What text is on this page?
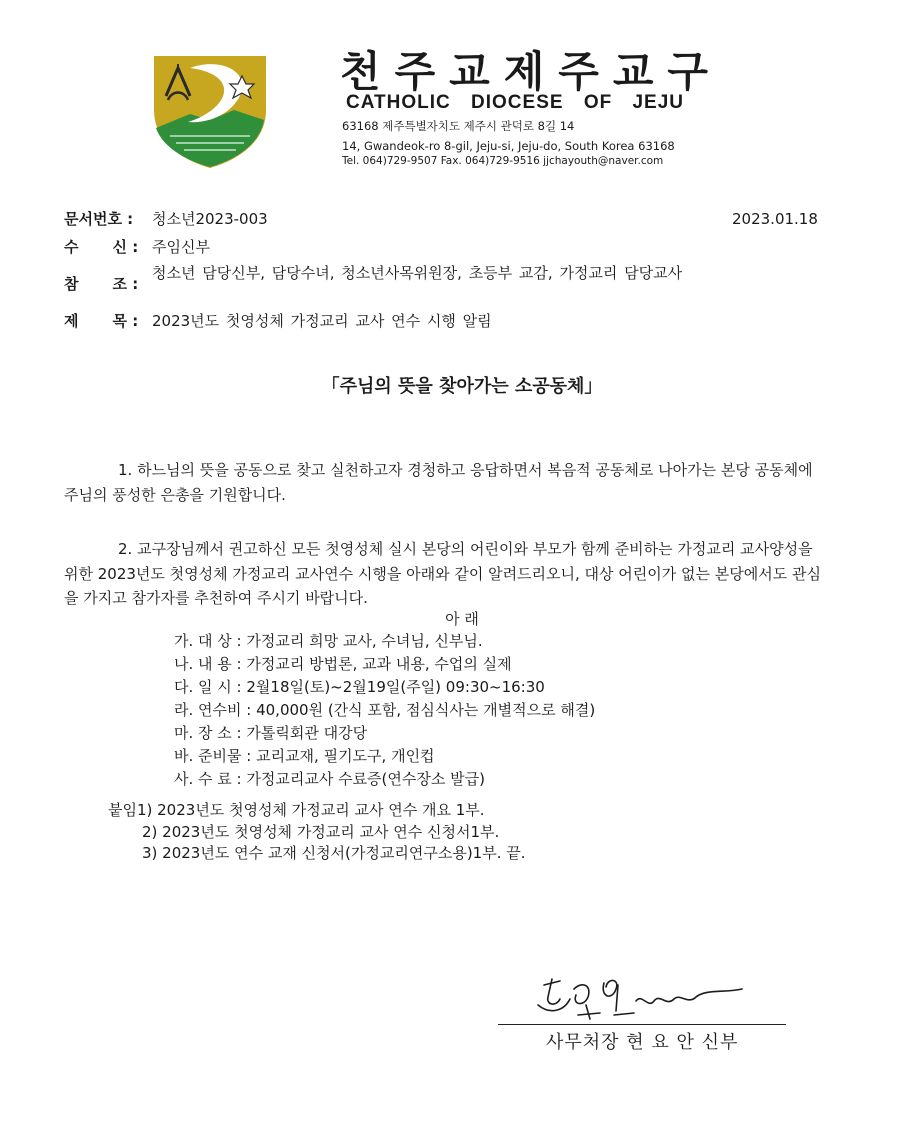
천주교제주교구
CATHOLIC DIOCESE OF JEJU
63168 제주특별자치도 제주시 관덕로 8길 14
14, Gwandeok-ro 8-gil, Jeju-si, Jeju-do, South Korea 63168
Tel. 064)729-9507 Fax. 064)729-9516 jjchayouth@naver.com
문서번호 :	청소년2023-003	2023.01.18
수 신 : 주임신부
참 조 :
청소년 담당신부, 담당수녀, 청소년사목위원장, 초등부 교감, 가정교리 담당교사
제 목 : 2023년도 첫영성체 가정교리 교사 연수 시행 알림
「주님의 뜻을 찾아가는 소공동체」
1. 하느님의 뜻을 공동으로 찾고 실천하고자 경청하고 응답하면서 복음적 공동체로 나아가는 본당 공동체에 주님의 풍성한 은총을 기원합니다.
2. 교구장님께서 권고하신 모든 첫영성체 실시 본당의 어린이와 부모가 함께 준비하는 가정교리 교사양성을 위한 2023년도 첫영성체 가정교리 교사연수 시행을 아래와 같이 알려드리오니, 대상 어린이가 없는 본당에서도 관심을 가지고 참가자를 추천하여 주시기 바랍니다.
아 래
가. 대 상 : 가정교리 희망 교사, 수녀님, 신부님.
나. 내 용 : 가정교리 방법론, 교과 내용, 수업의 실제
다. 일 시 : 2월18일(토)~2월19일(주일) 09:30~16:30
라. 연수비 : 40,000원 (간식 포함, 점심식사는 개별적으로 해결)
마. 장 소 : 가톨릭회관 대강당
바. 준비물 : 교리교재, 필기도구, 개인컵
사. 수 료 : 가정교리교사 수료증(연수장소 발급)
붙임1) 2023년도 첫영성체 가정교리 교사 연수 개요 1부.
2) 2023년도 첫영성체 가정교리 교사 연수 신청서1부.
3) 2023년도 연수 교재 신청서(가정교리연구소용)1부. 끝.
사무처장 현 요 안 신부
